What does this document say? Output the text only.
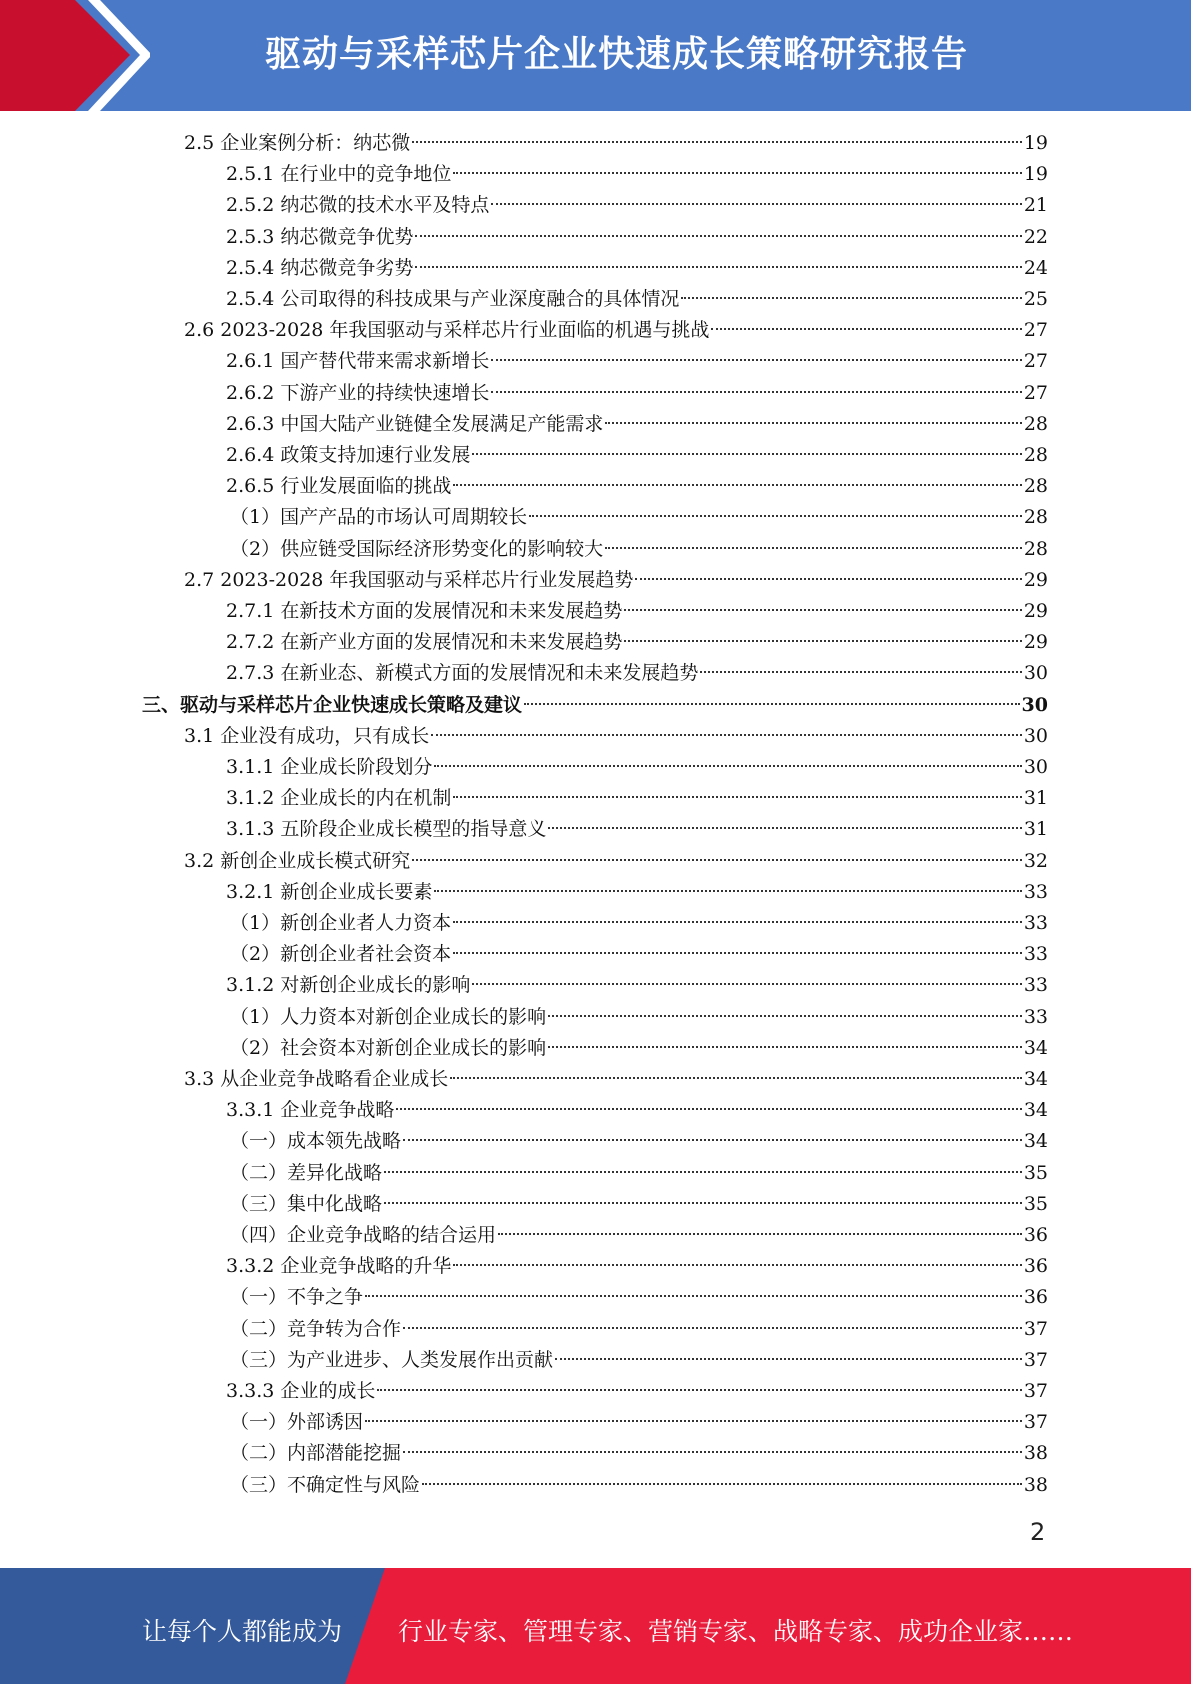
驱动与采样芯片企业快速成长策略研究报告
2.5 企业案例分析：纳芯微	19
2.5.1 在行业中的竞争地位	19
2.5.2 纳芯微的技术水平及特点	21
2.5.3 纳芯微竞争优势	22
2.5.4 纳芯微竞争劣势	24
2.5.4 公司取得的科技成果与产业深度融合的具体情况	25
2.6 2023-2028 年我国驱动与采样芯片行业面临的机遇与挑战	27
2.6.1 国产替代带来需求新增长	27
2.6.2 下游产业的持续快速增长	27
2.6.3 中国大陆产业链健全发展满足产能需求	28
2.6.4 政策支持加速行业发展	28
2.6.5 行业发展面临的挑战	28
（1）国产产品的市场认可周期较长	28
（2）供应链受国际经济形势变化的影响较大	28
2.7 2023-2028 年我国驱动与采样芯片行业发展趋势	29
2.7.1 在新技术方面的发展情况和未来发展趋势	29
2.7.2 在新产业方面的发展情况和未来发展趋势	29
2.7.3 在新业态、新模式方面的发展情况和未来发展趋势	30
三、驱动与采样芯片企业快速成长策略及建议	30
3.1 企业没有成功，只有成长	30
3.1.1 企业成长阶段划分	30
3.1.2 企业成长的内在机制	31
3.1.3 五阶段企业成长模型的指导意义	31
3.2 新创企业成长模式研究	32
3.2.1 新创企业成长要素	33
（1）新创企业者人力资本	33
（2）新创企业者社会资本	33
3.1.2 对新创企业成长的影响	33
（1）人力资本对新创企业成长的影响	33
（2）社会资本对新创企业成长的影响	34
3.3 从企业竞争战略看企业成长	34
3.3.1 企业竞争战略	34
（一）成本领先战略	34
（二）差异化战略	35
（三）集中化战略	35
（四）企业竞争战略的结合运用	36
3.3.2 企业竞争战略的升华	36
（一）不争之争	36
（二）竞争转为合作	37
（三）为产业进步、人类发展作出贡献	37
3.3.3 企业的成长	37
（一）外部诱因	37
（二）内部潜能挖掘	38
（三）不确定性与风险	38
2
让每个人都能成为 行业专家、管理专家、营销专家、战略专家、成功企业家……
